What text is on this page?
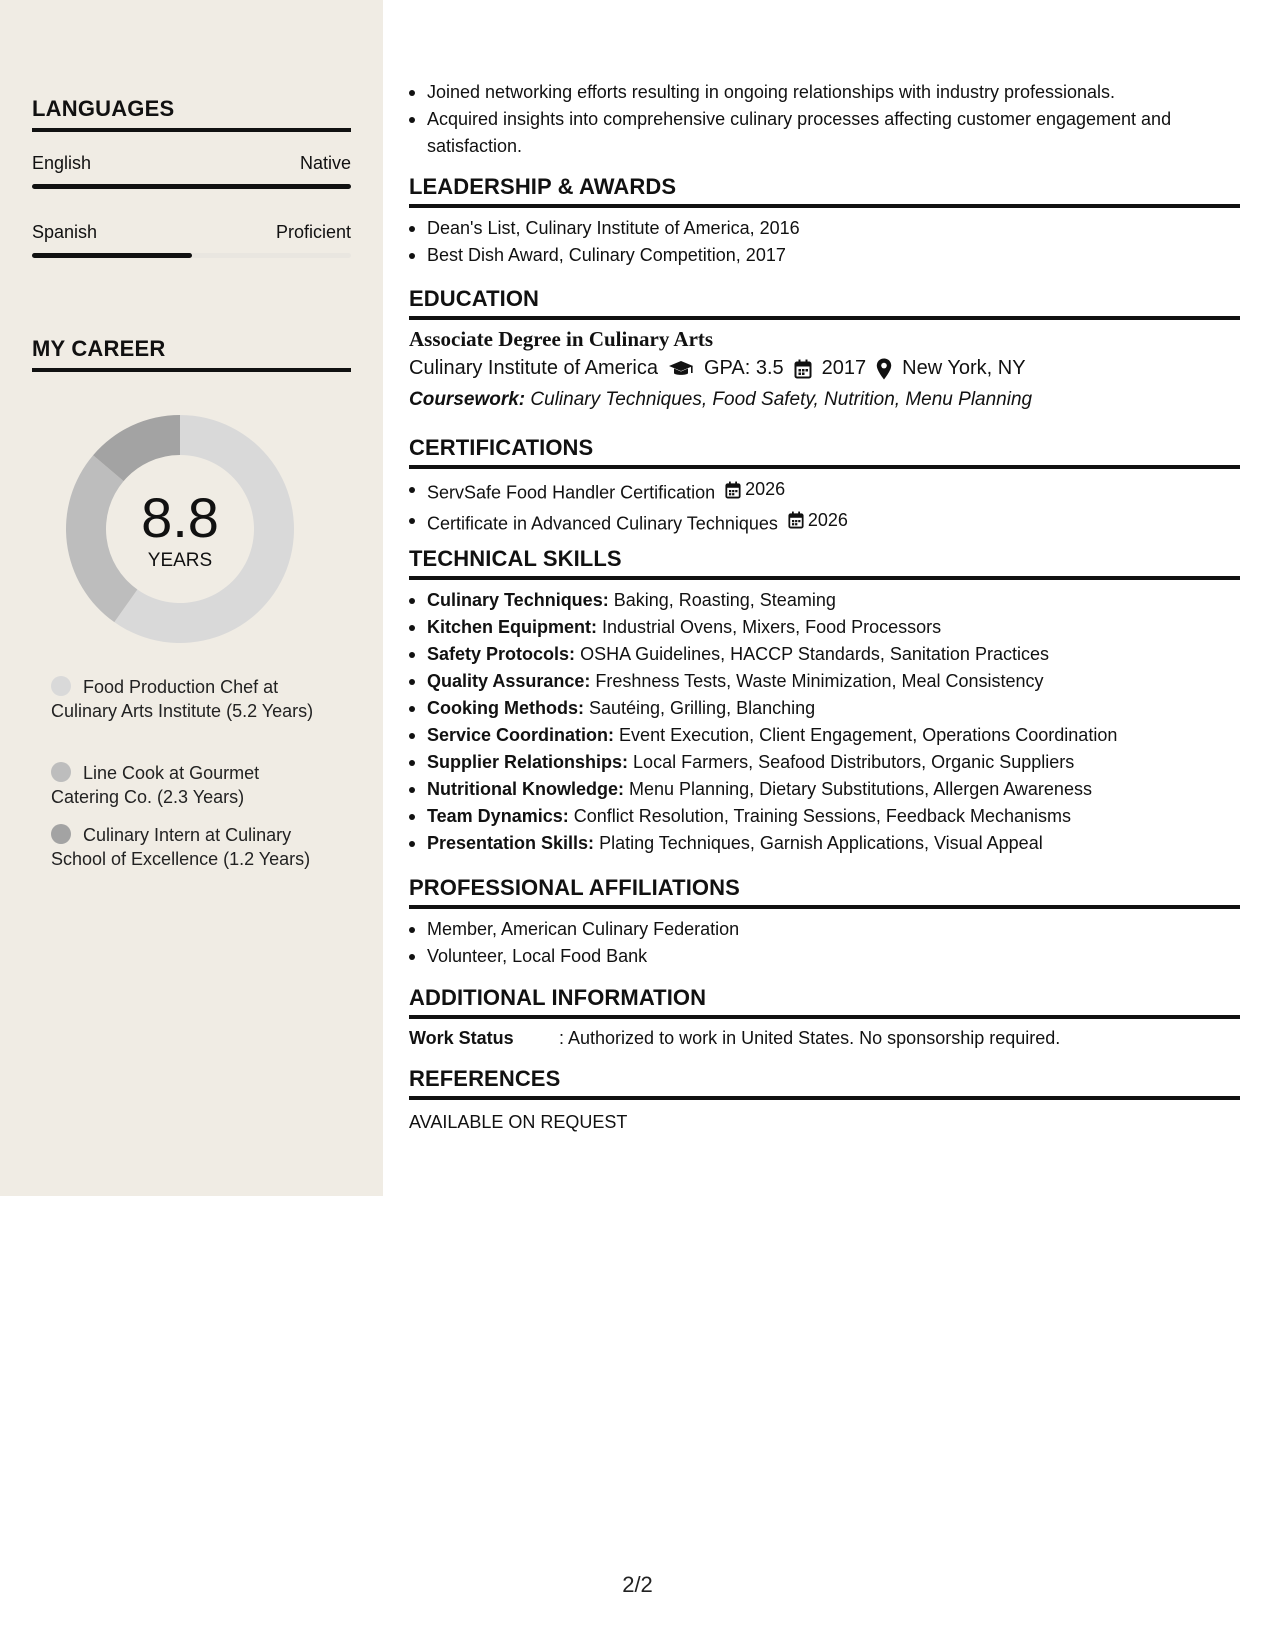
LANGUAGES
English	Native
Spanish	Proficient
MY CAREER
8.8
YEARS
Food Production Chef at Culinary Arts Institute (5.2 Years)
Line Cook at Gourmet Catering Co. (2.3 Years)
Culinary Intern at Culinary School of Excellence (1.2 Years)
Joined networking efforts resulting in ongoing relationships with industry professionals.
Acquired insights into comprehensive culinary processes affecting customer engagement and satisfaction.
LEADERSHIP & AWARDS
Dean's List, Culinary Institute of America, 2016
Best Dish Award, Culinary Competition, 2017
EDUCATION
Associate Degree in Culinary Arts
Culinary Institute of America GPA: 3.5 2017 New York, NY
Coursework: Culinary Techniques, Food Safety, Nutrition, Menu Planning
CERTIFICATIONS
ServSafe Food Handler Certification 2026
Certificate in Advanced Culinary Techniques 2026
TECHNICAL SKILLS
Culinary Techniques: Baking, Roasting, Steaming
Kitchen Equipment: Industrial Ovens, Mixers, Food Processors
Safety Protocols: OSHA Guidelines, HACCP Standards, Sanitation Practices
Quality Assurance: Freshness Tests, Waste Minimization, Meal Consistency
Cooking Methods: Sautéing, Grilling, Blanching
Service Coordination: Event Execution, Client Engagement, Operations Coordination
Supplier Relationships: Local Farmers, Seafood Distributors, Organic Suppliers
Nutritional Knowledge: Menu Planning, Dietary Substitutions, Allergen Awareness
Team Dynamics: Conflict Resolution, Training Sessions, Feedback Mechanisms
Presentation Skills: Plating Techniques, Garnish Applications, Visual Appeal
PROFESSIONAL AFFILIATIONS
Member, American Culinary Federation
Volunteer, Local Food Bank
ADDITIONAL INFORMATION
Work Status	: Authorized to work in United States. No sponsorship required.
REFERENCES
AVAILABLE ON REQUEST
2/2
